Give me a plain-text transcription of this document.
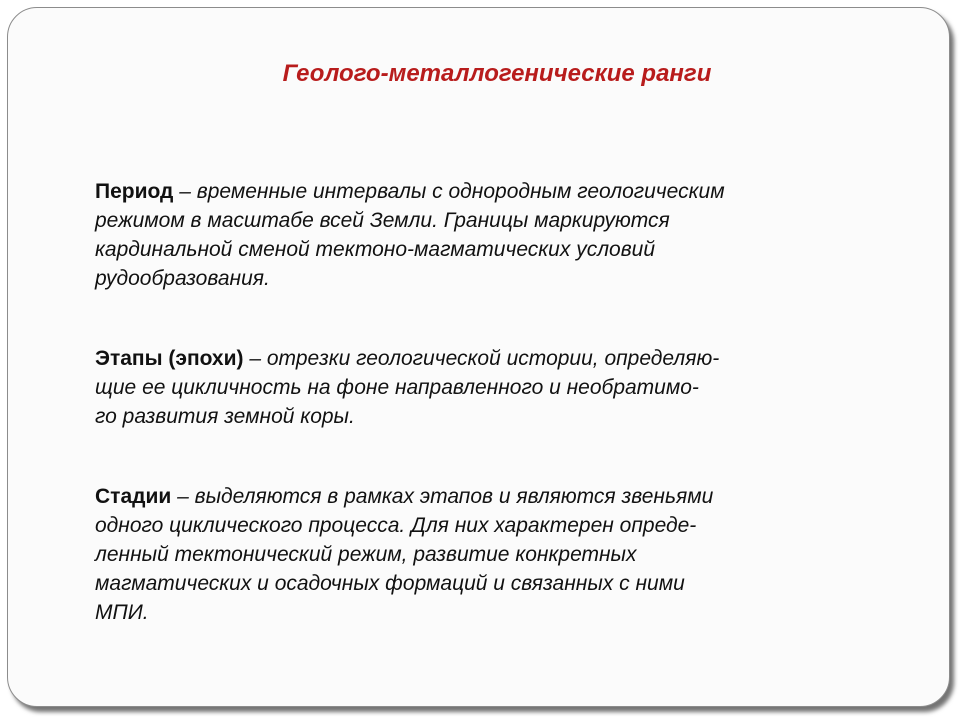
Геолого-металлогенические ранги

Период – временные интервалы с однородным геологическим
режимом в масштабе всей Земли. Границы маркируются
кардинальной сменой тектоно-магматических условий
рудообразования.

Этапы (эпохи) – отрезки геологической истории, определяю-
щие ее цикличность на фоне направленного и необратимо-
го развития земной коры.

Стадии – выделяются в рамках этапов и являются звеньями
одного циклического процесса. Для них характерен опреде-
ленный тектонический режим, развитие конкретных
магматических и осадочных формаций и связанных с ними
МПИ.
